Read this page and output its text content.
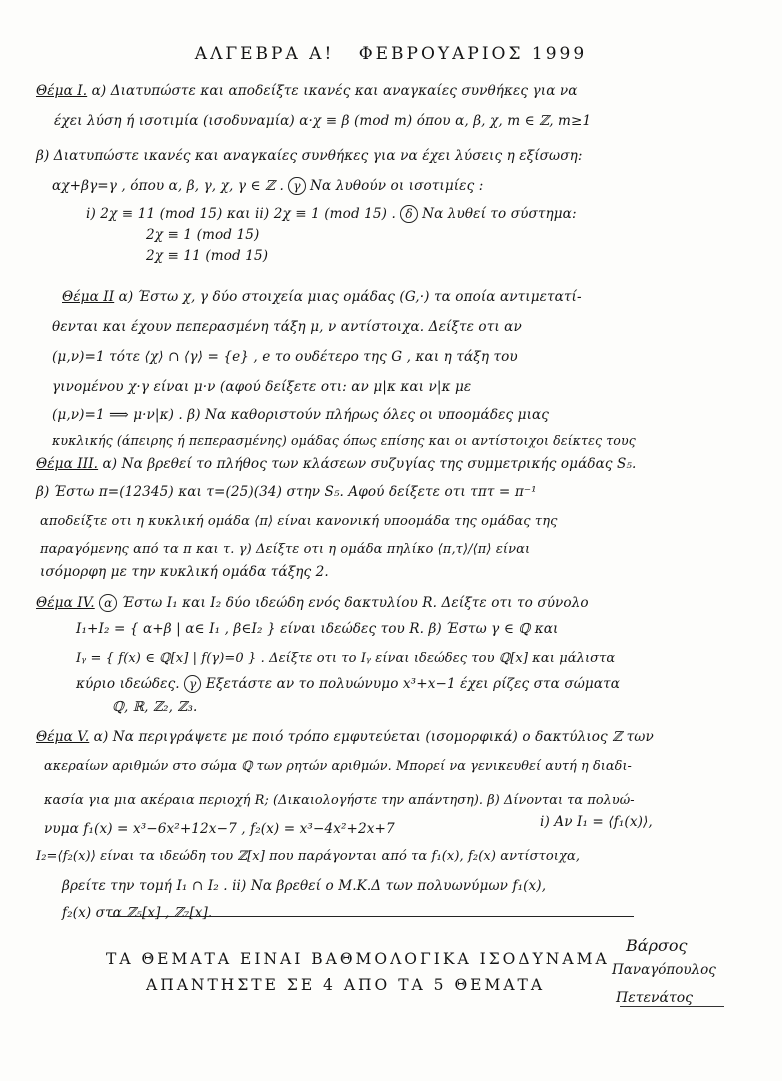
ΑΛΓΕΒΡΑ Α! ΦΕΒΡΟΥΑΡΙΟΣ 1999
Θέμα I. α) Διατυπώστε και αποδείξτε ικανές και αναγκαίες συνθήκες για να
έχει λύση ή ισοτιμία (ισοδυναμία) α·χ ≡ β (mod m) όπου α, β, χ, m ∈ ℤ, m≥1
β) Διατυπώστε ικανές και αναγκαίες συνθήκες για να έχει λύσεις η εξίσωση:
αχ+βγ=γ , όπου α, β, γ, χ, γ ∈ ℤ . γ Να λυθούν οι ισοτιμίες :
i) 2χ ≡ 11 (mod 15) και ii) 2χ ≡ 1 (mod 15) . δ Να λυθεί το σύστημα:
2χ ≡ 1 (mod 15)
2χ ≡ 11 (mod 15)
Θέμα II α) Έστω χ, γ δύο στοιχεία μιας ομάδας (G,·) τα οποία αντιμετατί-
θενται και έχουν πεπερασμένη τάξη μ, ν αντίστοιχα. Δείξτε οτι αν
(μ,ν)=1 τότε ⟨χ⟩ ∩ ⟨γ⟩ = {e} , e το ουδέτερο της G , και η τάξη του
γινομένου χ·γ είναι μ·ν (αφού δείξετε οτι: αν μ|κ και ν|κ με
(μ,ν)=1 ⟹ μ·ν|κ) . β) Να καθοριστούν πλήρως όλες οι υποομάδες μιας
κυκλικής (άπειρης ή πεπερασμένης) ομάδας όπως επίσης και οι αντίστοιχοι δείκτες τους
Θέμα III. α) Να βρεθεί το πλήθος των κλάσεων συζυγίας της συμμετρικής ομάδας S₅.
β) Έστω π=(12345) και τ=(25)(34) στην S₅. Αφού δείξετε οτι τπτ = π⁻¹
αποδείξτε οτι η κυκλική ομάδα ⟨π⟩ είναι κανονική υποομάδα της ομάδας της
παραγόμενης από τα π και τ. γ) Δείξτε οτι η ομάδα πηλίκο ⟨π,τ⟩/⟨π⟩ είναι
ισόμορφη με την κυκλική ομάδα τάξης 2.
Θέμα IV. α Έστω I₁ και I₂ δύο ιδεώδη ενός δακτυλίου R. Δείξτε οτι το σύνολο
I₁+I₂ = { α+β | α∈ I₁ , β∈I₂ } είναι ιδεώδες του R. β) Έστω γ ∈ ℚ και
Iᵧ = { f(x) ∈ ℚ[x] | f(γ)=0 } . Δείξτε οτι το Iᵧ είναι ιδεώδες του ℚ[x] και μάλιστα
κύριο ιδεώδες. γ Εξετάστε αν το πολυώνυμο x³+x−1 έχει ρίζες στα σώματα
ℚ, ℝ, ℤ₂, ℤ₃.
Θέμα V. α) Να περιγράψετε με ποιό τρόπο εμφυτεύεται (ισομορφικά) ο δακτύλιος ℤ των
ακεραίων αριθμών στο σώμα ℚ των ρητών αριθμών. Μπορεί να γενικευθεί αυτή η διαδι-
κασία για μια ακέραια περιοχή R; (Δικαιολογήστε την απάντηση). β) Δίνονται τα πολυώ-
νυμα f₁(x) = x³−6x²+12x−7 , f₂(x) = x³−4x²+2x+7	i) Αν I₁ = ⟨f₁(x)⟩,
I₂=⟨f₂(x)⟩ είναι τα ιδεώδη του ℤ[x] που παράγονται από τα f₁(x), f₂(x) αντίστοιχα,
βρείτε την τομή I₁ ∩ I₂ . ii) Να βρεθεί ο Μ.Κ.Δ των πολυωνύμων f₁(x),
f₂(x) στα ℤ₅[x] , ℤ₇[x].
ΤΑ ΘΕΜΑΤΑ ΕΙΝΑΙ ΒΑΘΜΟΛΟΓΙΚΑ ΙΣΟΔΥΝΑΜΑ
ΑΠΑΝΤΗΣΤΕ ΣΕ 4 ΑΠΟ ΤΑ 5 ΘΕΜΑΤΑ
Βάρσος
Παναγόπουλος
Πετενάτος
